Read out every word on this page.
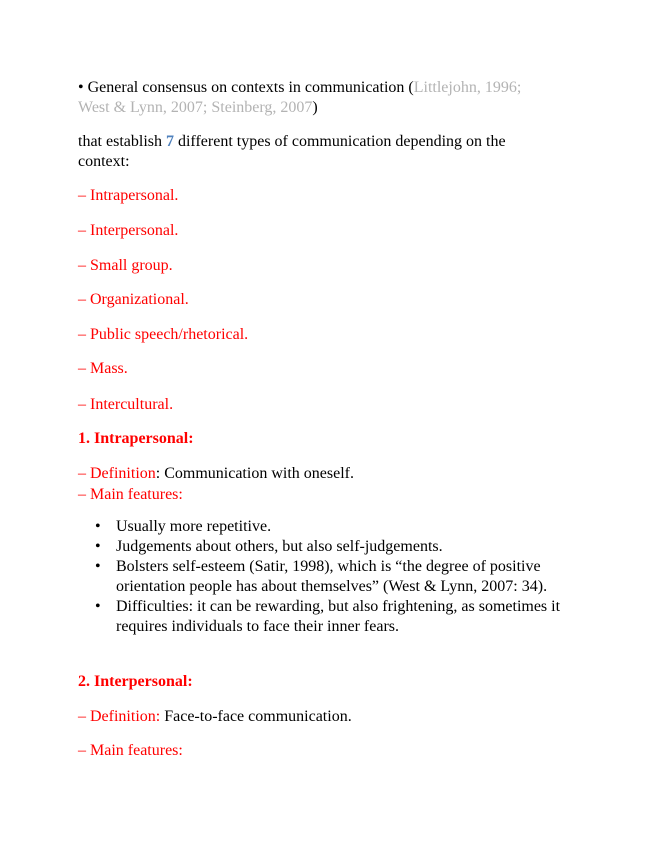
• General consensus on contexts in communication (Littlejohn, 1996;
West & Lynn, 2007; Steinberg, 2007)
that establish 7 different types of communication depending on the
context:
– Intrapersonal.
– Interpersonal.
– Small group.
– Organizational.
– Public speech/rhetorical.
– Mass.
– Intercultural.
1. Intrapersonal:
– Definition: Communication with oneself.
– Main features:
• Usually more repetitive.
• Judgements about others, but also self-judgements.
• Bolsters self-esteem (Satir, 1998), which is “the degree of positive orientation people has about themselves” (West & Lynn, 2007: 34).
• Difficulties: it can be rewarding, but also frightening, as sometimes it requires individuals to face their inner fears.
2. Interpersonal:
– Definition: Face-to-face communication.
– Main features:
